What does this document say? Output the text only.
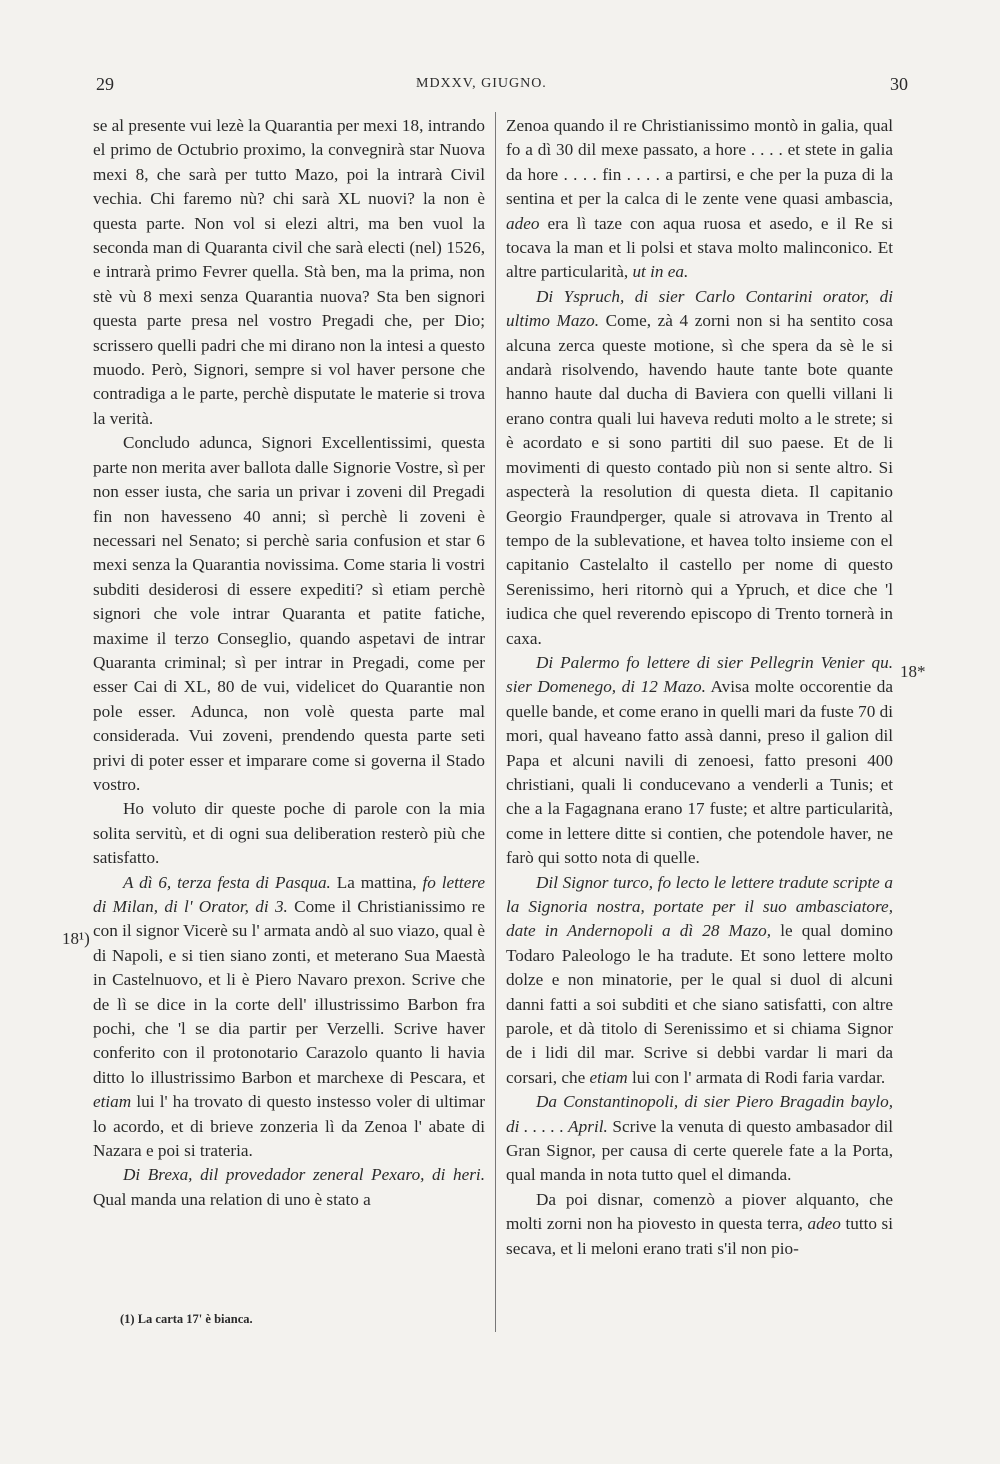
29	MDXXV, GIUGNO.	30

se al presente vui lezè la Quarantia per mexi 18, intrando el primo de Octubrio proximo, la convegnirà star Nuova mexi 8, che sarà per tutto Mazo, poi la intrarà Civil vechia. Chi faremo nù? chi sarà XL nuovi? la non è questa parte. Non vol si elezi altri, ma ben vuol la seconda man di Quaranta civil che sarà electi (nel) 1526, e intrarà primo Fevrer quella. Stà ben, ma la prima, non stè vù 8 mexi senza Quarantia nuova? Sta ben signori questa parte presa nel vostro Pregadi che, per Dio; scrissero quelli padri che mi dirano non la intesi a questo muodo. Però, Signori, sempre si vol haver persone che contradiga a le parte, perchè disputate le materie si trova la verità.

Concludo adunca, Signori Excellentissimi, questa parte non merita aver ballota dalle Signorie Vostre, sì per non esser iusta, che saria un privar i zoveni dil Pregadi fin non havesseno 40 anni; sì perchè li zoveni è necessari nel Senato; si perchè saria confusion et star 6 mexi senza la Quarantia novissima. Come staria li vostri subditi desiderosi di essere expediti? sì etiam perchè signori che vole intrar Quaranta et patite fatiche, maxime il terzo Conseglio, quando aspetavi de intrar Quaranta criminal; sì per intrar in Pregadi, come per esser Cai di XL, 80 de vui, videlicet do Quarantie non pole esser. Adunca, non volè questa parte mal considerada. Vui zoveni, prendendo questa parte seti privi di poter esser et imparare come si governa il Stado vostro.

Ho voluto dir queste poche di parole con la mia solita servitù, et di ogni sua deliberation resterò più che satisfatto.

A dì 6, terza festa di Pasqua. La mattina, fo lettere di Milan, di l' Orator, di 3. Come il Christianissimo re con il signor Vicerè su l' armata andò al suo viazo, qual è di Napoli, e si tien siano zonti, et meterano Sua Maestà in Castelnuovo, et li è Piero Navaro prexon. Scrive che de lì se dice in la corte dell' illustrissimo Barbon fra pochi, che 'l se dia partir per Verzelli. Scrive haver conferito con il protonotario Carazolo quanto li havia ditto lo illustrissimo Barbon et marchexe di Pescara, et etiam lui l' ha trovato di questo instesso voler di ultimar lo acordo, et di brieve zonzeria lì da Zenoa l' abate di Nazara e poi si trateria.

Di Brexa, dil provedador zeneral Pexaro, di heri. Qual manda una relation di uno è stato a

Zenoa quando il re Christianissimo montò in galia, qual fo a dì 30 dil mexe passato, a hore . . . . et stete in galia da hore . . . . fin . . . . a partirsi, e che per la puza di la sentina et per la calca di le zente vene quasi ambascia, adeo era lì taze con aqua ruosa et asedo, e il Re si tocava la man et li polsi et stava molto malinconico. Et altre particularità, ut in ea.

Di Yspruch, di sier Carlo Contarini orator, di ultimo Mazo. Come, zà 4 zorni non si ha sentito cosa alcuna zerca queste motione, sì che spera da sè le si andarà risolvendo, havendo haute tante bote quante hanno haute dal ducha di Baviera con quelli villani li erano contra quali lui haveva reduti molto a le strete; si è acordato e si sono partiti dil suo paese. Et de li movimenti di questo contado più non si sente altro. Si aspecterà la resolution di questa dieta. Il capitanio Georgio Fraundperger, quale si atrovava in Trento al tempo de la sublevatione, et havea tolto insieme con el capitanio Castelalto il castello per nome di questo Serenissimo, heri ritornò qui a Ypruch, et dice che 'l iudica che quel reverendo episcopo di Trento tornerà in caxa.

Di Palermo fo lettere di sier Pellegrin Venier qu. sier Domenego, di 12 Mazo. Avisa molte occorentie da quelle bande, et come erano in quelli mari da fuste 70 di mori, qual haveano fatto assà danni, preso il galion dil Papa et alcuni navili di zenoesi, fatto presoni 400 christiani, quali li conducevano a venderli a Tunis; et che a la Fagagnana erano 17 fuste; et altre particularità, come in lettere ditte si contien, che potendole haver, ne farò qui sotto nota di quelle.

Dil Signor turco, fo lecto le lettere tradute scripte a la Signoria nostra, portate per il suo ambasciatore, date in Andernopoli a dì 28 Mazo, le qual domino Todaro Paleologo le ha tradute. Et sono lettere molto dolze e non minatorie, per le qual si duol di alcuni danni fatti a soi subditi et che siano satisfatti, con altre parole, et dà titolo di Serenissimo et si chiama Signor de i lidi dil mar. Scrive si debbi vardar li mari da corsari, che etiam lui con l' armata di Rodi faria vardar.

Da Constantinopoli, di sier Piero Bragadin baylo, di . . . . . April. Scrive la venuta di questo ambasador dil Gran Signor, per causa di certe querele fate a la Porta, qual manda in nota tutto quel el dimanda.

Da poi disnar, comenzò a piover alquanto, che molti zorni non ha piovesto in questa terra, adeo tutto si secava, et li meloni erano trati s'il non pio-

18¹)
18*
(1) La carta 17' è bianca.
